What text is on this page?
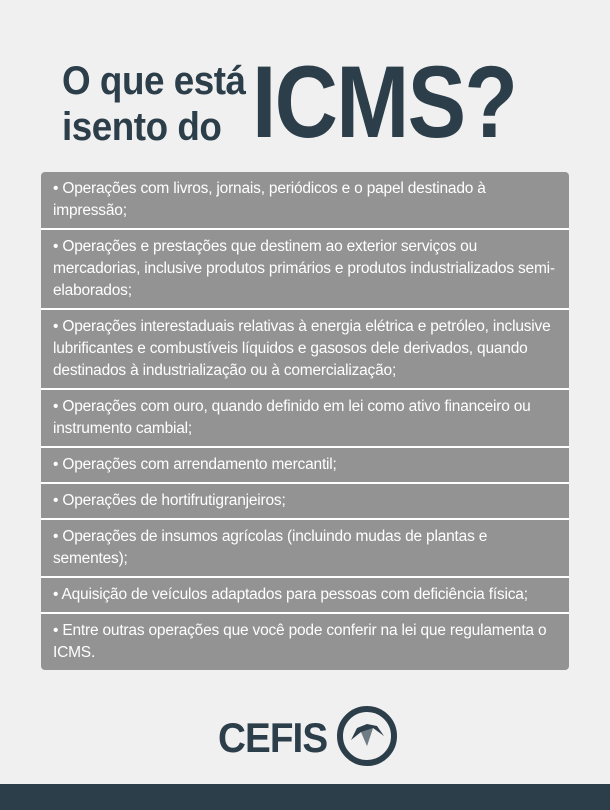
O que está
isento do ICMS?
• Operações com livros, jornais, periódicos e o papel destinado à impressão;
• Operações e prestações que destinem ao exterior serviços ou mercadorias, inclusive produtos primários e produtos industrializados semi-elaborados;
• Operações interestaduais relativas à energia elétrica e petróleo, inclusive lubrificantes e combustíveis líquidos e gasosos dele derivados, quando destinados à industrialização ou à comercialização;
• Operações com ouro, quando definido em lei como ativo financeiro ou instrumento cambial;
• Operações com arrendamento mercantil;
• Operações de hortifrutigranjeiros;
• Operações de insumos agrícolas (incluindo mudas de plantas e sementes);
• Aquisição de veículos adaptados para pessoas com deficiência física;
• Entre outras operações que você pode conferir na lei que regulamenta o ICMS.
CEFIS
